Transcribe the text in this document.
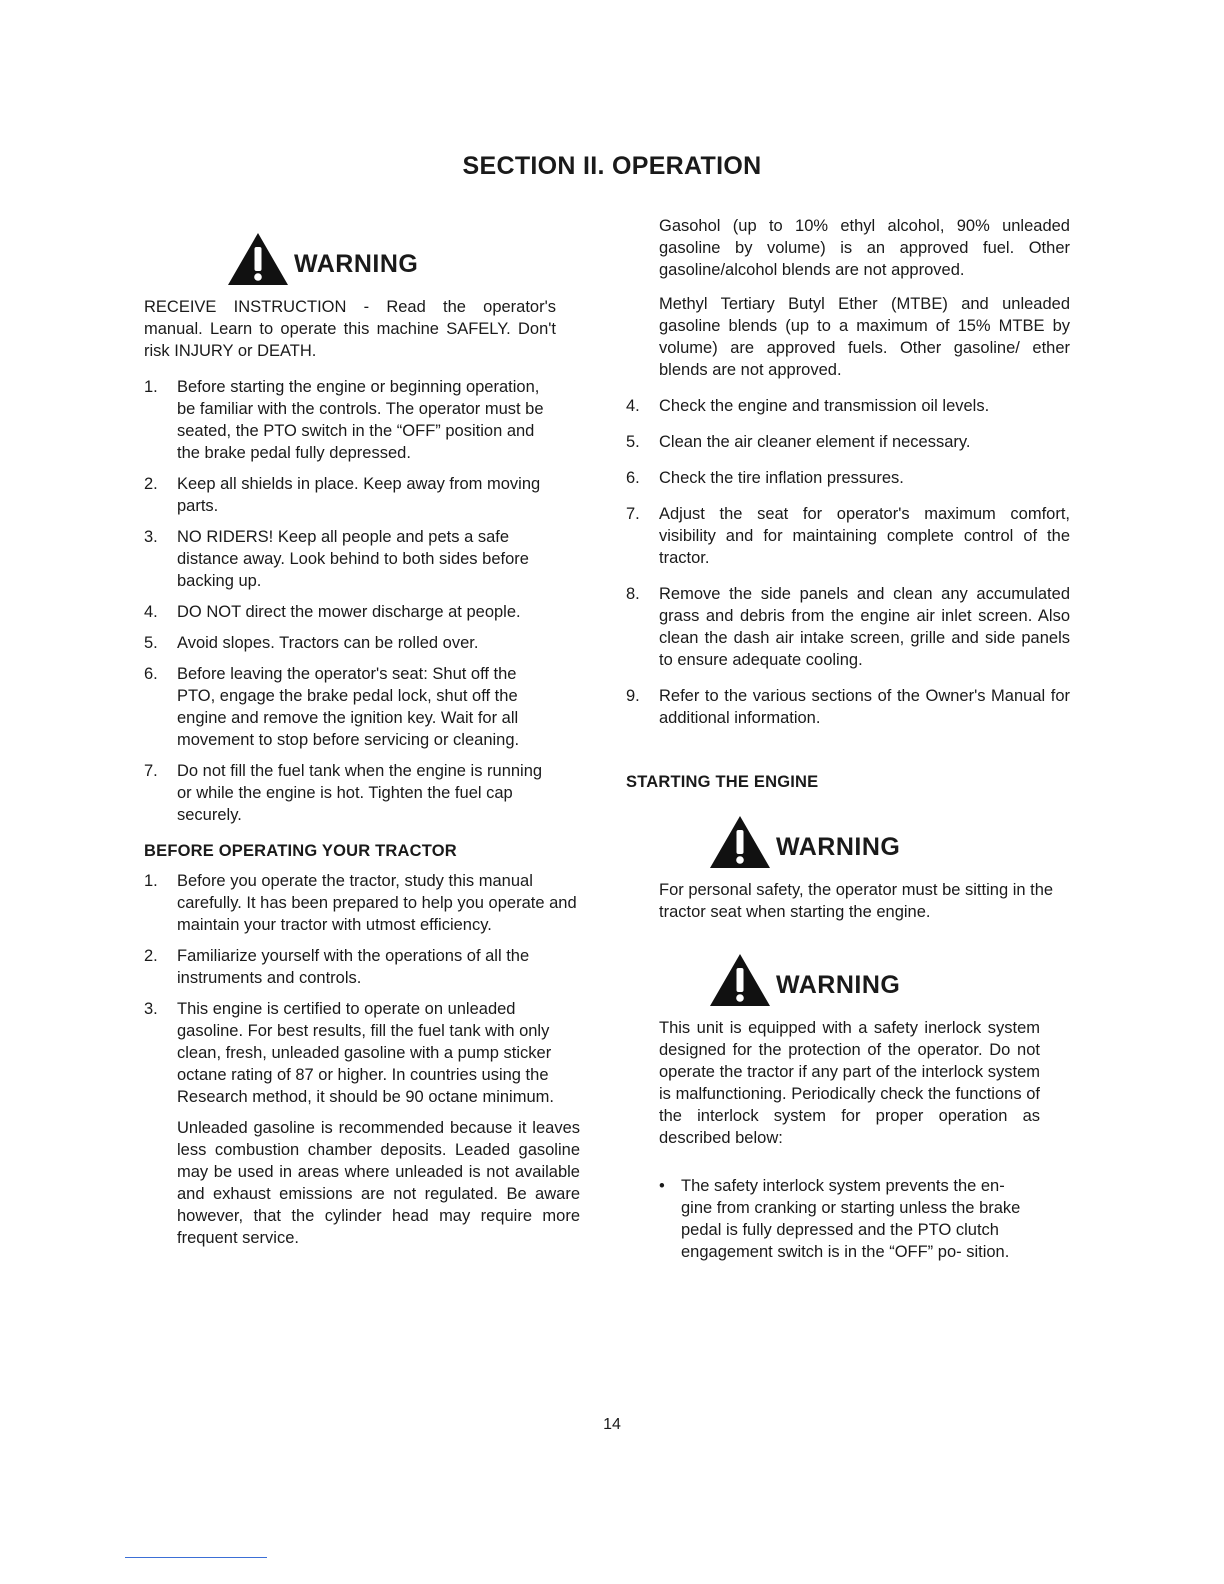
SECTION II. OPERATION
WARNING
RECEIVE INSTRUCTION - Read the operator's manual. Learn to operate this machine SAFELY. Don't risk INJURY or DEATH.
1.	Before starting the engine or beginning operation, be familiar with the controls. The operator must be seated, the PTO switch in the “OFF” position and the brake pedal fully depressed.
2.	Keep all shields in place. Keep away from moving parts.
3.	NO RIDERS! Keep all people and pets a safe distance away. Look behind to both sides before backing up.
4.	DO NOT direct the mower discharge at people.
5.	Avoid slopes. Tractors can be rolled over.
6.	Before leaving the operator's seat: Shut off the PTO, engage the brake pedal lock, shut off the engine and remove the ignition key. Wait for all movement to stop before servicing or cleaning.
7.	Do not fill the fuel tank when the engine is running or while the engine is hot. Tighten the fuel cap securely.
BEFORE OPERATING YOUR TRACTOR
1.	Before you operate the tractor, study this manual carefully. It has been prepared to help you operate and maintain your tractor with utmost efficiency.
2.	Familiarize yourself with the operations of all the instruments and controls.
3.	This engine is certified to operate on unleaded gasoline. For best results, fill the fuel tank with only clean, fresh, unleaded gasoline with a pump sticker octane rating of 87 or higher. In countries using the Research method, it should be 90 octane minimum.
Unleaded gasoline is recommended because it leaves less combustion chamber deposits. Leaded gasoline may be used in areas where unleaded is not available and exhaust emissions are not regulated. Be aware however, that the cylinder head may require more frequent service.
Gasohol (up to 10% ethyl alcohol, 90% unleaded gasoline by volume) is an approved fuel. Other gasoline/alcohol blends are not approved.
Methyl Tertiary Butyl Ether (MTBE) and unleaded gasoline blends (up to a maximum of 15% MTBE by volume) are approved fuels. Other gasoline/ ether blends are not approved.
4.	Check the engine and transmission oil levels.
5.	Clean the air cleaner element if necessary.
6.	Check the tire inflation pressures.
7.	Adjust the seat for operator's maximum comfort, visibility and for maintaining complete control of the tractor.
8.	Remove the side panels and clean any accumulated grass and debris from the engine air inlet screen. Also clean the dash air intake screen, grille and side panels to ensure adequate cooling.
9.	Refer to the various sections of the Owner's Manual for additional information.
STARTING THE ENGINE
WARNING
For personal safety, the operator must be sitting in the tractor seat when starting the engine.
WARNING
This unit is equipped with a safety inerlock system designed for the protection of the operator. Do not operate the tractor if any part of the interlock system is malfunctioning. Periodically check the functions of the interlock system for proper operation as described below:
• The safety interlock system prevents the en- gine from cranking or starting unless the brake pedal is fully depressed and the PTO clutch engagement switch is in the “OFF” po- sition.
14
